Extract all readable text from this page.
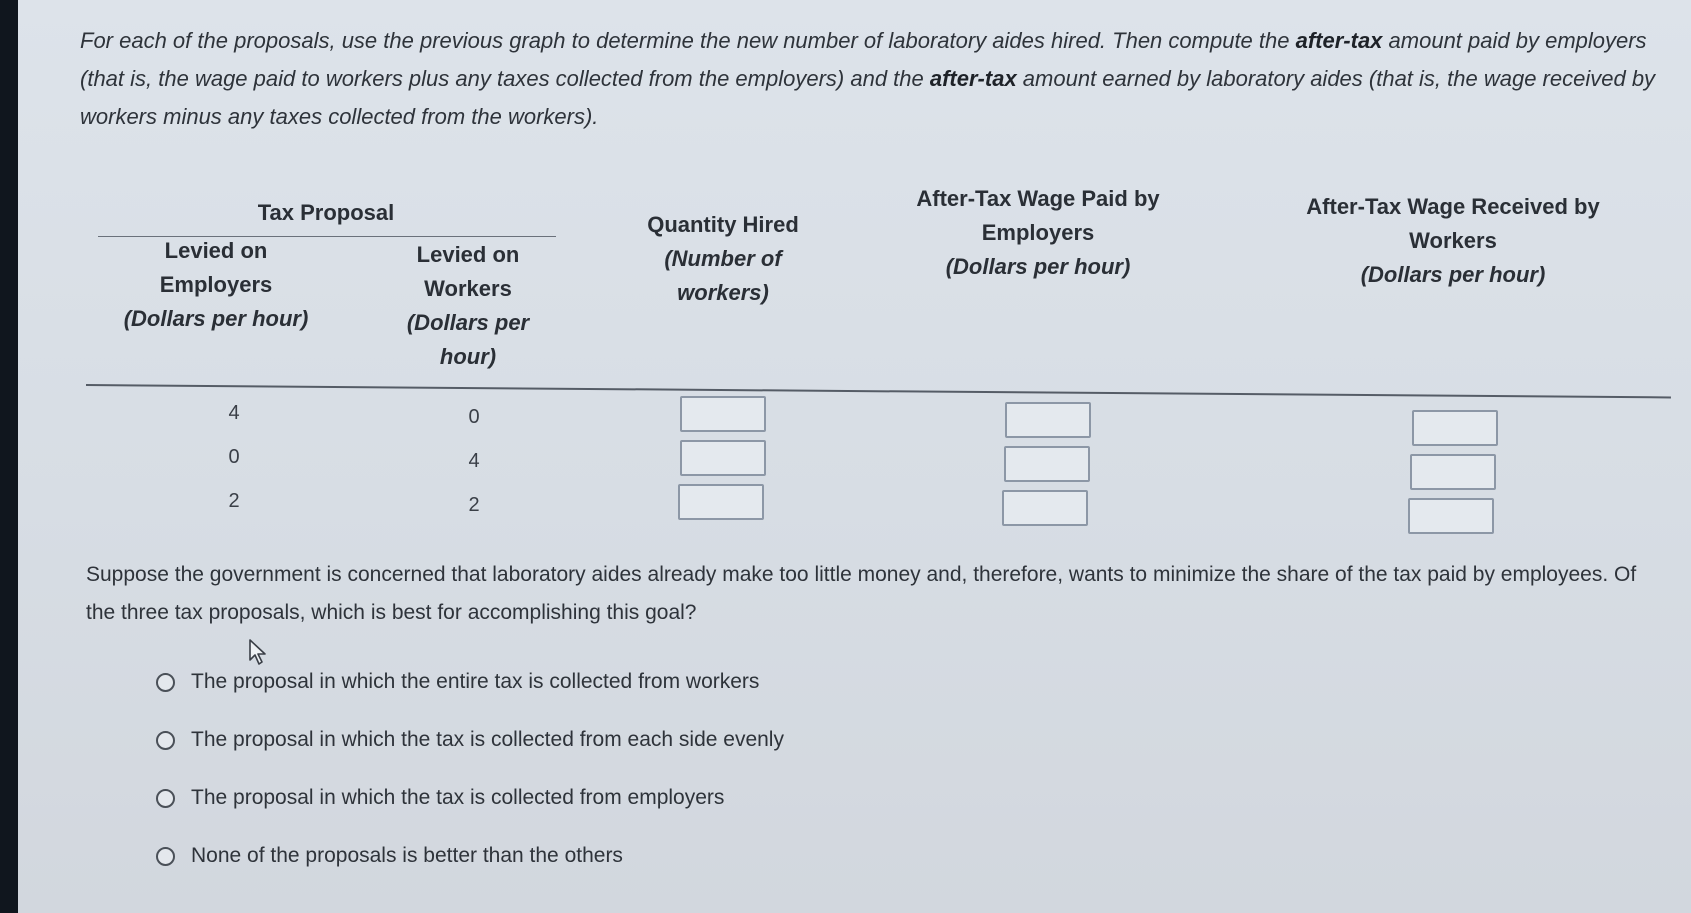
For each of the proposals, use the previous graph to determine the new number of laboratory aides hired. Then compute the after-tax amount paid by employers (that is, the wage paid to workers plus any taxes collected from the employers) and the after-tax amount earned by laboratory aides (that is, the wage received by workers minus any taxes collected from the workers).
Tax Proposal
Levied on
Employers
(Dollars per hour)
Levied on
Workers
(Dollars per
hour)
Quantity Hired
(Number of
workers)
After-Tax Wage Paid by
Employers
(Dollars per hour)
After-Tax Wage Received by
Workers
(Dollars per hour)
4	0
0	4
2	2
Suppose the government is concerned that laboratory aides already make too little money and, therefore, wants to minimize the share of the tax paid by employees. Of the three tax proposals, which is best for accomplishing this goal?
The proposal in which the entire tax is collected from workers
The proposal in which the tax is collected from each side evenly
The proposal in which the tax is collected from employers
None of the proposals is better than the others
